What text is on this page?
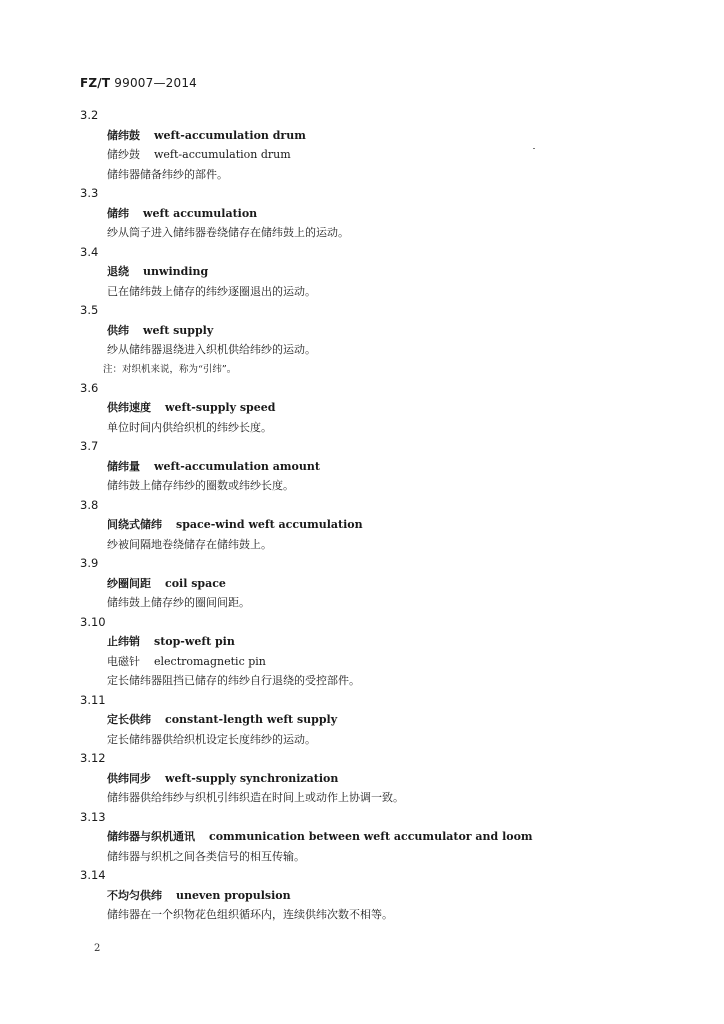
FZ/T 99007—2014
3.2
储纬鼓 weft-accumulation drum
储纱鼓 weft-accumulation drum
储纬器储备纬纱的部件。
3.3
储纬 weft accumulation
纱从筒子进入储纬器卷绕储存在储纬鼓上的运动。
3.4
退绕 unwinding
已在储纬鼓上储存的纬纱逐圈退出的运动。
3.5
供纬 weft supply
纱从储纬器退绕进入织机供给纬纱的运动。
注：对织机来说，称为“引纬”。
3.6
供纬速度 weft-supply speed
单位时间内供给织机的纬纱长度。
3.7
储纬量 weft-accumulation amount
储纬鼓上储存纬纱的圈数或纬纱长度。
3.8
间绕式储纬 space-wind weft accumulation
纱被间隔地卷绕储存在储纬鼓上。
3.9
纱圈间距 coil space
储纬鼓上储存纱的圈间间距。
3.10
止纬销 stop-weft pin
电磁针 electromagnetic pin
定长储纬器阻挡已储存的纬纱自行退绕的受控部件。
3.11
定长供纬 constant-length weft supply
定长储纬器供给织机设定长度纬纱的运动。
3.12
供纬同步 weft-supply synchronization
储纬器供给纬纱与织机引纬织造在时间上或动作上协调一致。
3.13
储纬器与织机通讯 communication between weft accumulator and loom
储纬器与织机之间各类信号的相互传输。
3.14
不均匀供纬 uneven propulsion
储纬器在一个织物花色组织循环内，连续供纬次数不相等。
2
